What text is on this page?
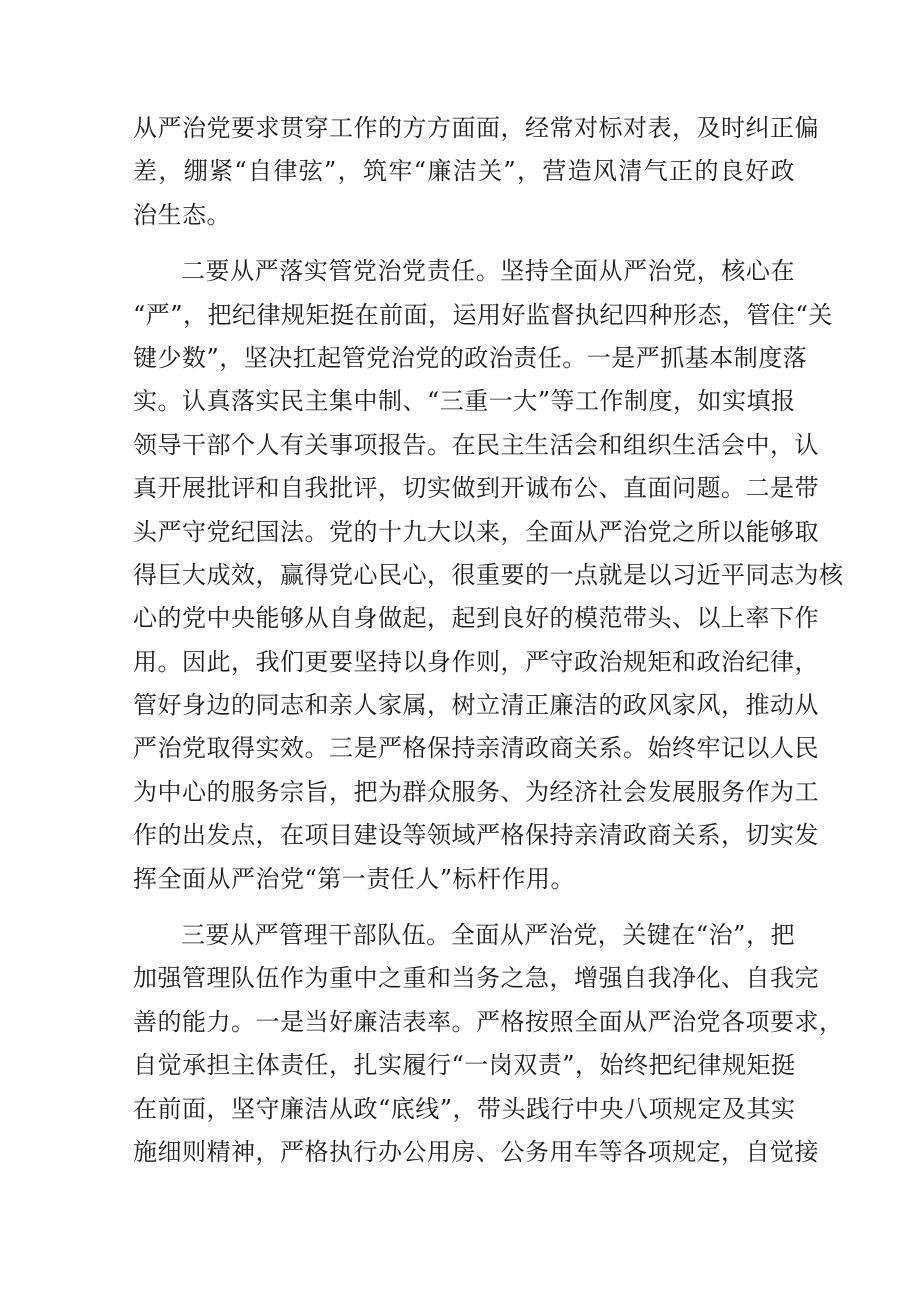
从严治党要求贯穿工作的方方面面，经常对标对表，及时纠正偏
差，绷紧“自律弦”，筑牢“廉洁关”，营造风清气正的良好政
治生态。
二要从严落实管党治党责任。坚持全面从严治党，核心在
“严”，把纪律规矩挺在前面，运用好监督执纪四种形态，管住“关
键少数”，坚决扛起管党治党的政治责任。一是严抓基本制度落
实。认真落实民主集中制、“三重一大”等工作制度，如实填报
领导干部个人有关事项报告。在民主生活会和组织生活会中，认
真开展批评和自我批评，切实做到开诚布公、直面问题。二是带
头严守党纪国法。党的十九大以来，全面从严治党之所以能够取
得巨大成效，赢得党心民心，很重要的一点就是以习近平同志为核
心的党中央能够从自身做起，起到良好的模范带头、以上率下作
用。因此，我们更要坚持以身作则，严守政治规矩和政治纪律，
管好身边的同志和亲人家属，树立清正廉洁的政风家风，推动从
严治党取得实效。三是严格保持亲清政商关系。始终牢记以人民
为中心的服务宗旨，把为群众服务、为经济社会发展服务作为工
作的出发点，在项目建设等领域严格保持亲清政商关系，切实发
挥全面从严治党“第一责任人”标杆作用。
三要从严管理干部队伍。全面从严治党，关键在“治”，把
加强管理队伍作为重中之重和当务之急，增强自我净化、自我完
善的能力。一是当好廉洁表率。严格按照全面从严治党各项要求，
自觉承担主体责任，扎实履行“一岗双责”，始终把纪律规矩挺
在前面，坚守廉洁从政“底线”，带头践行中央八项规定及其实
施细则精神，严格执行办公用房、公务用车等各项规定，自觉接
